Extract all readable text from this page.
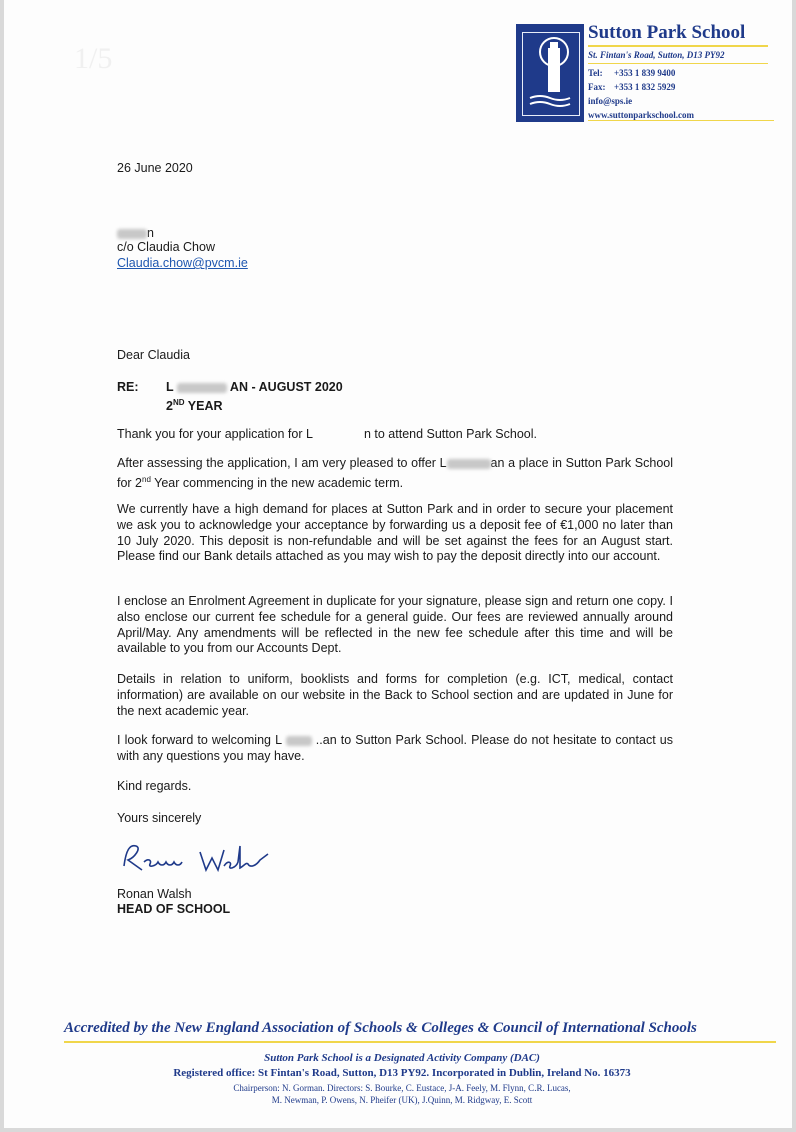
1/5
Sutton Park School
St. Fintan's Road, Sutton, D13 PY92
Tel: +353 1 839 9400
Fax: +353 1 832 5929
info@sps.ie
www.suttonparkschool.com
26 June 2020
n
c/o Claudia Chow
Claudia.chow@pvcm.ie
Dear Claudia
RE: L	AN - AUGUST 2020
2ND YEAR
Thank you for your application for L	n to attend Sutton Park School.
After assessing the application, I am very pleased to offer L	an a place in Sutton Park School for 2nd Year commencing in the new academic term.
We currently have a high demand for places at Sutton Park and in order to secure your placement we ask you to acknowledge your acceptance by forwarding us a deposit fee of €1,000 no later than 10 July 2020. This deposit is non-refundable and will be set against the fees for an August start. Please find our Bank details attached as you may wish to pay the deposit directly into our account.
I enclose an Enrolment Agreement in duplicate for your signature, please sign and return one copy. I also enclose our current fee schedule for a general guide. Our fees are reviewed annually around April/May. Any amendments will be reflected in the new fee schedule after this time and will be available to you from our Accounts Dept.
Details in relation to uniform, booklists and forms for completion (e.g. ICT, medical, contact information) are available on our website in the Back to School section and are updated in June for the next academic year.
I look forward to welcoming L	..an to Sutton Park School. Please do not hesitate to contact us with any questions you may have.
Kind regards.
Yours sincerely
Ronan Walsh
HEAD OF SCHOOL
Accredited by the New England Association of Schools & Colleges & Council of International Schools
Sutton Park School is a Designated Activity Company (DAC)
Registered office: St Fintan's Road, Sutton, D13 PY92. Incorporated in Dublin, Ireland No. 16373
Chairperson: N. Gorman. Directors: S. Bourke, C. Eustace, J-A. Feely, M. Flynn, C.R. Lucas,
M. Newman, P. Owens, N. Pheifer (UK), J.Quinn, M. Ridgway, E. Scott
